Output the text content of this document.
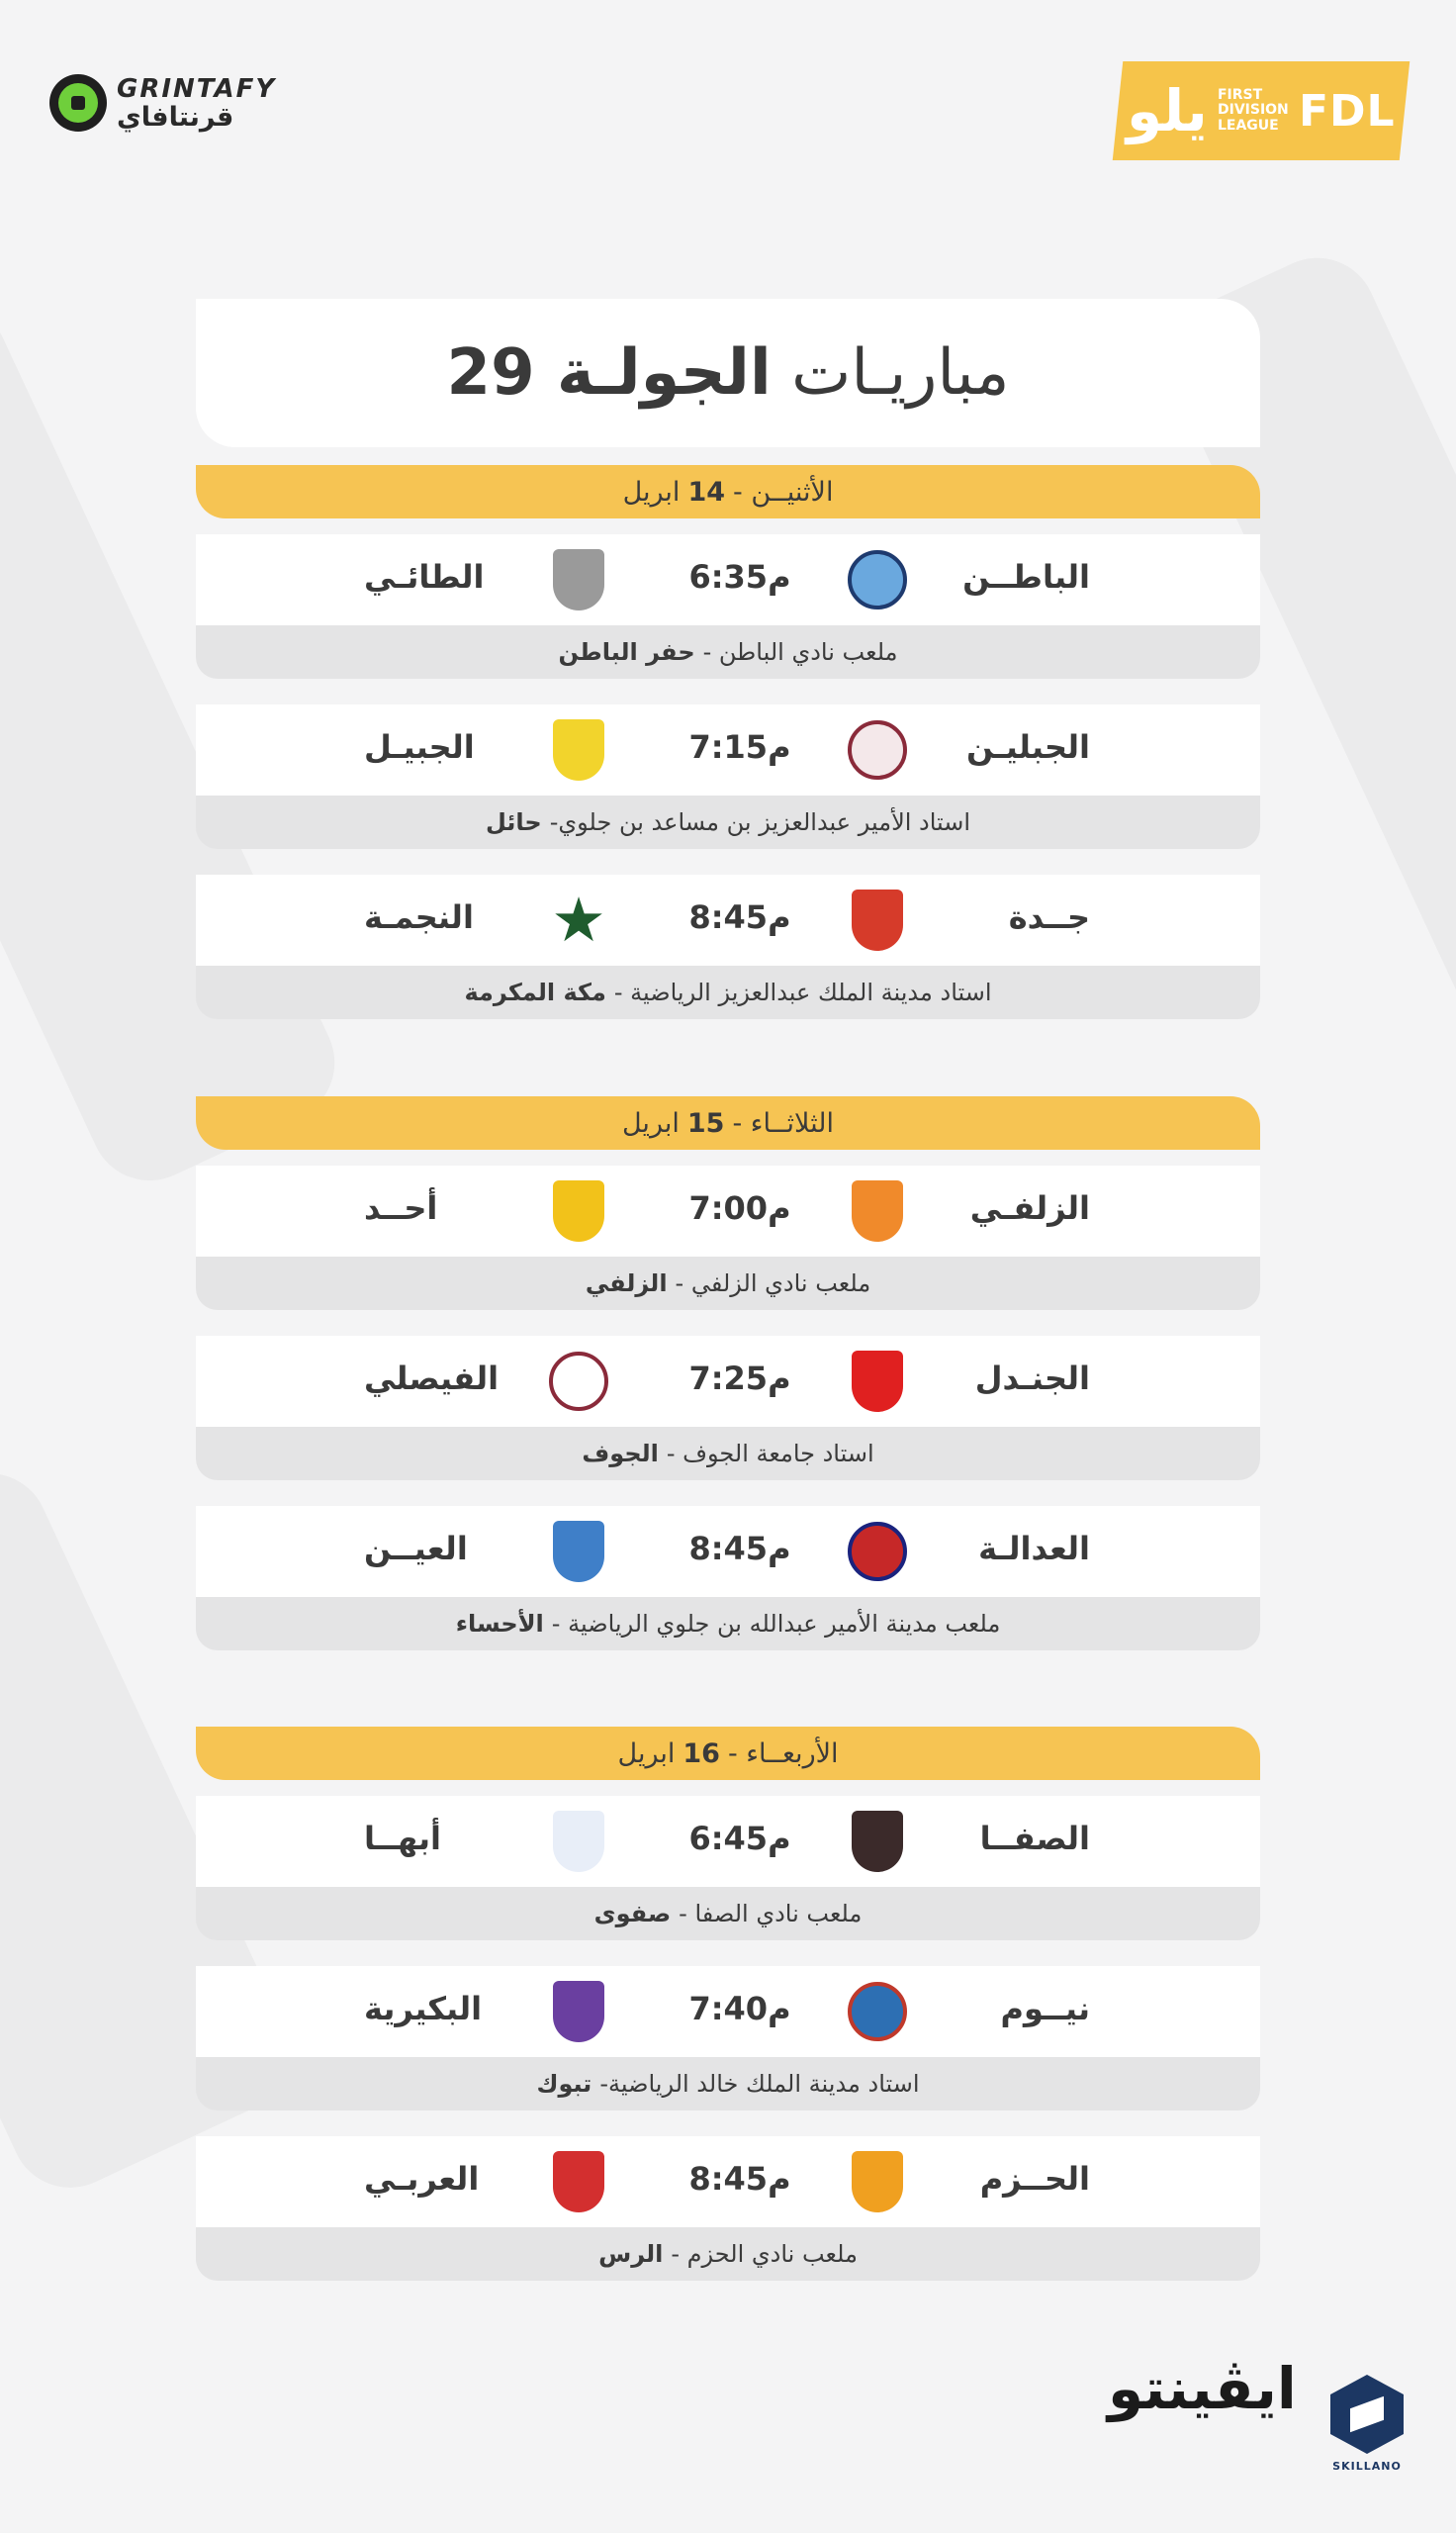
GRINTAFY
قرنتافاي	يلو FIRST
DIVISION
LEAGUE FDL
مباريـات الجولـة 29
الأثنيــن -
14
ابريل
الباطــن
6:35م
الطائـي
ملعب نادي الباطن -
حفر الباطن
الجبليـن
7:15م
الجبيـل
استاد الأمير عبدالعزيز بن مساعد بن جلوي-
حائل
جــدة
8:45م
★
النجمـة
استاد مدينة الملك عبدالعزيز الرياضية -
مكة المكرمة
الثلاثــاء -
15
ابريل
الزلفـي
7:00م
أحــد
ملعب نادي الزلفي -
الزلفي
الجنـدل
7:25م
الفيصلي
استاد جامعة الجوف -
الجوف
العدالـة
8:45م
العيــن
ملعب مدينة الأمير عبدالله بن جلوي الرياضية -
الأحساء
الأربعــاء -
16
ابريل
الصفــا
6:45م
أبهــا
ملعب نادي الصفا -
صفوى
نيــوم
7:40م
البكيرية
استاد مدينة الملك خالد الرياضية-
تبوك
الحــزم
8:45م
العربـي
ملعب نادي الحزم -
الرس
ايڤينتو
SKILLANO
